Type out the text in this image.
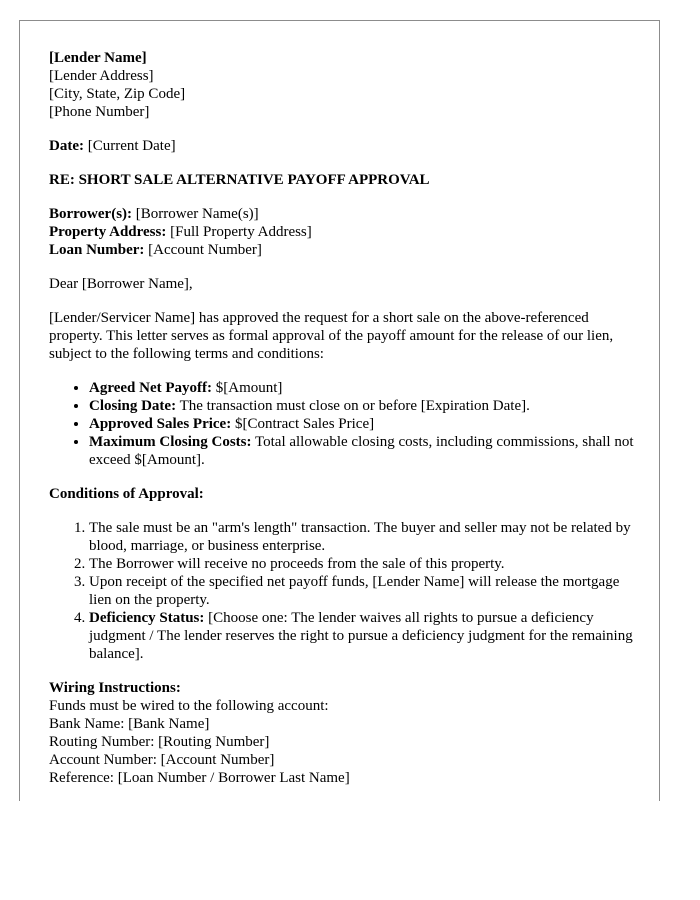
[Lender Name]
[Lender Address]
[City, State, Zip Code]
[Phone Number]

Date: [Current Date]

RE: SHORT SALE ALTERNATIVE PAYOFF APPROVAL

Borrower(s): [Borrower Name(s)]
Property Address: [Full Property Address]
Loan Number: [Account Number]

Dear [Borrower Name],

[Lender/Servicer Name] has approved the request for a short sale on the above-referenced property. This letter serves as formal approval of the payoff amount for the release of our lien, subject to the following terms and conditions:

• Agreed Net Payoff: $[Amount]
• Closing Date: The transaction must close on or before [Expiration Date].
• Approved Sales Price: $[Contract Sales Price]
• Maximum Closing Costs: Total allowable closing costs, including commissions, shall not exceed $[Amount].

Conditions of Approval:

1. The sale must be an "arm's length" transaction. The buyer and seller may not be related by blood, marriage, or business enterprise.
2. The Borrower will receive no proceeds from the sale of this property.
3. Upon receipt of the specified net payoff funds, [Lender Name] will release the mortgage lien on the property.
4. Deficiency Status: [Choose one: The lender waives all rights to pursue a deficiency judgment / The lender reserves the right to pursue a deficiency judgment for the remaining balance].

Wiring Instructions:
Funds must be wired to the following account:
Bank Name: [Bank Name]
Routing Number: [Routing Number]
Account Number: [Account Number]
Reference: [Loan Number / Borrower Last Name]
